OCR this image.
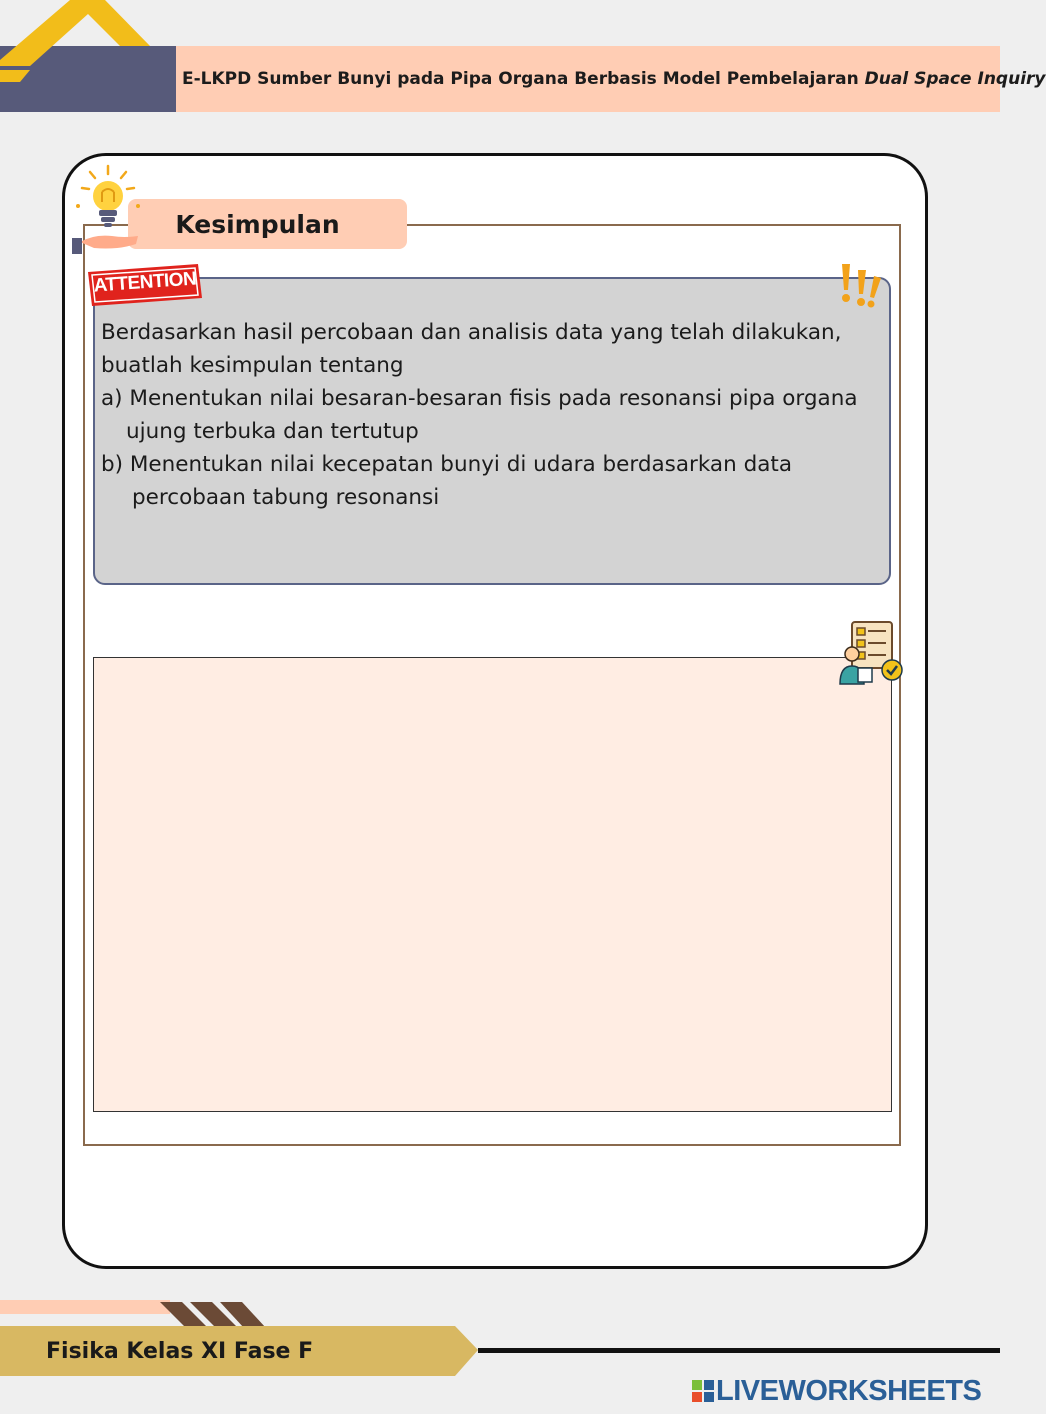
E-LKPD Sumber Bunyi pada Pipa Organa Berbasis Model Pembelajaran
Dual Space Inquiry
Kesimpulan
ATTENTION
Berdasarkan hasil percobaan dan analisis data yang telah dilakukan,
buatlah kesimpulan tentang
a) Menentukan nilai besaran-besaran fisis pada resonansi pipa organa
ujung terbuka dan tertutup
b) Menentukan nilai kecepatan bunyi di udara berdasarkan data
percobaan tabung resonansi
Fisika Kelas XI Fase F
LIVEWORKSHEETS
